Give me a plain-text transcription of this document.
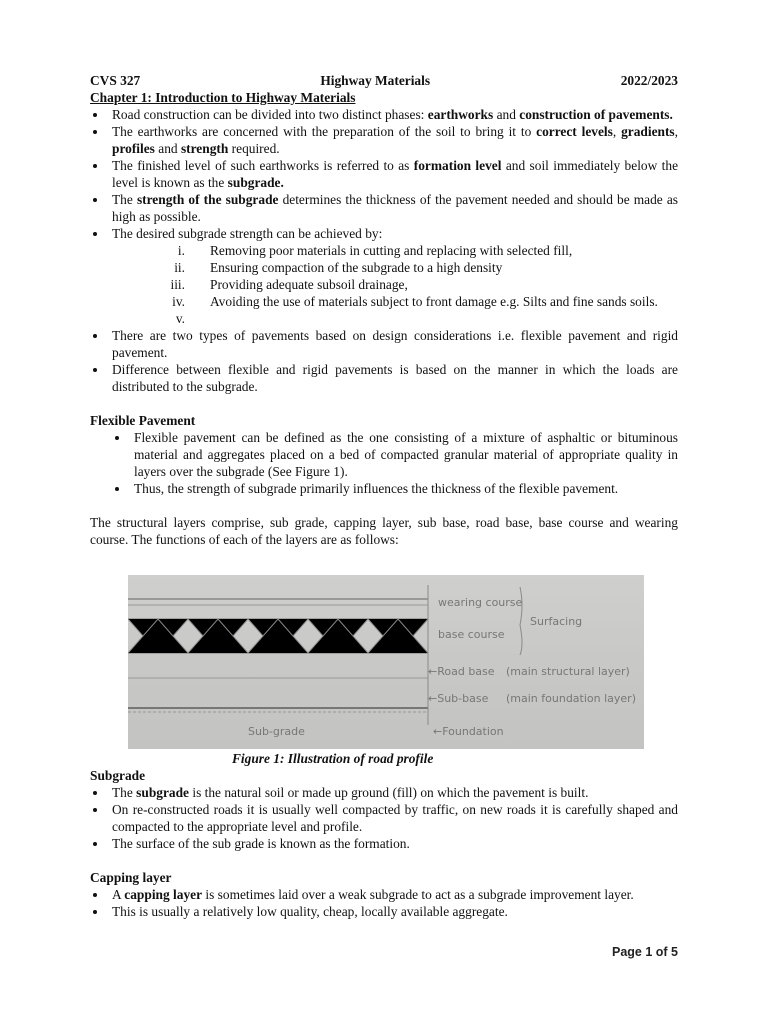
CVS 327	Highway Materials	2022/2023
Chapter 1: Introduction to Highway Materials
Road construction can be divided into two distinct phases: earthworks and construction of pavements.
The earthworks are concerned with the preparation of the soil to bring it to correct levels, gradients, profiles and strength required.
The finished level of such earthworks is referred to as formation level and soil immediately below the level is known as the subgrade.
The strength of the subgrade determines the thickness of the pavement needed and should be made as high as possible.
The desired subgrade strength can be achieved by:
i.	Removing poor materials in cutting and replacing with selected fill,
ii.	Ensuring compaction of the subgrade to a high density
iii.	Providing adequate subsoil drainage,
iv.	Avoiding the use of materials subject to front damage e.g. Silts and fine sands soils.
v.
There are two types of pavements based on design considerations i.e. flexible pavement and rigid pavement.
Difference between flexible and rigid pavements is based on the manner in which the loads are distributed to the subgrade.
Flexible Pavement
Flexible pavement can be defined as the one consisting of a mixture of asphaltic or bituminous material and aggregates placed on a bed of compacted granular material of appropriate quality in layers over the subgrade (See Figure 1).
Thus, the strength of subgrade primarily influences the thickness of the flexible pavement.
The structural layers comprise, sub grade, capping layer, sub base, road base, base course and wearing course. The functions of each of the layers are as follows:
wearing course
base course
Surfacing
←Road base (main structural layer)
←Sub-base (main foundation layer)
Sub-grade	←Foundation
Figure 1: Illustration of road profile
Subgrade
The subgrade is the natural soil or made up ground (fill) on which the pavement is built.
On re-constructed roads it is usually well compacted by traffic, on new roads it is carefully shaped and compacted to the appropriate level and profile.
The surface of the sub grade is known as the formation.
Capping layer
A capping layer is sometimes laid over a weak subgrade to act as a subgrade improvement layer.
This is usually a relatively low quality, cheap, locally available aggregate.
Page 1 of 5
